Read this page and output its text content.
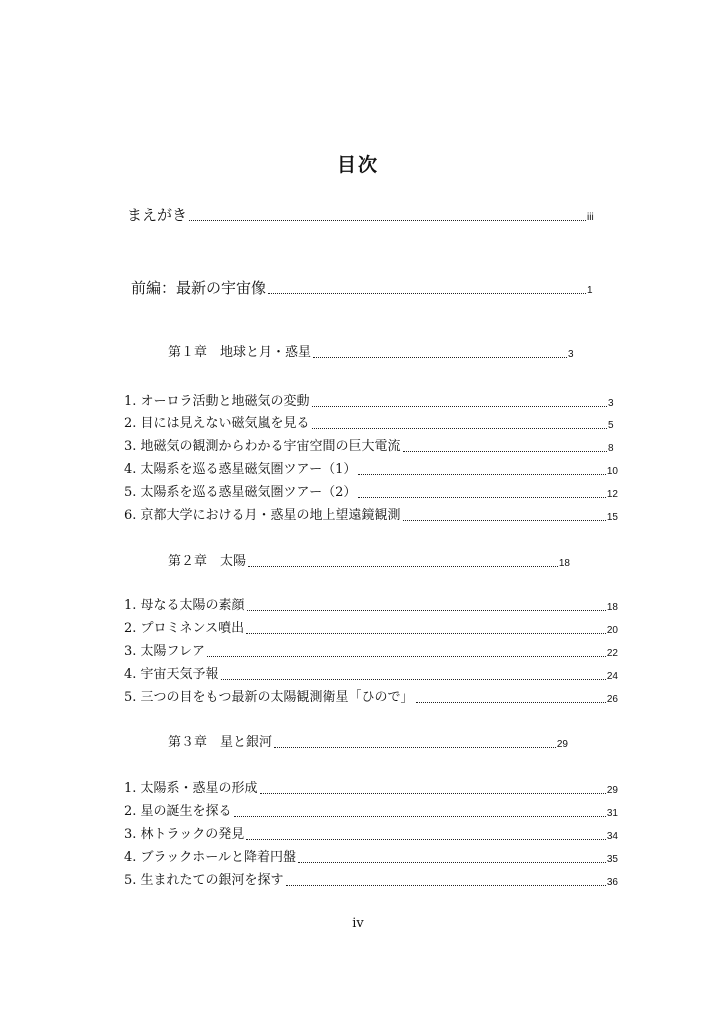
目次
まえがき	iii
前編：最新の宇宙像	1
第１章　地球と月・惑星	3
1. オーロラ活動と地磁気の変動	3
2. 目には見えない磁気嵐を見る	5
3. 地磁気の観測からわかる宇宙空間の巨大電流	8
4. 太陽系を巡る惑星磁気圏ツアー（1）	10
5. 太陽系を巡る惑星磁気圏ツアー（2）	12
6. 京都大学における月・惑星の地上望遠鏡観測	15
第２章　太陽	18
1. 母なる太陽の素顔	18
2. プロミネンス噴出	20
3. 太陽フレア	22
4. 宇宙天気予報	24
5. 三つの目をもつ最新の太陽観測衛星「ひので」	26
第３章　星と銀河	29
1. 太陽系・惑星の形成	29
2. 星の誕生を探る	31
3. 林トラックの発見	34
4. ブラックホールと降着円盤	35
5. 生まれたての銀河を探す	36
iv
